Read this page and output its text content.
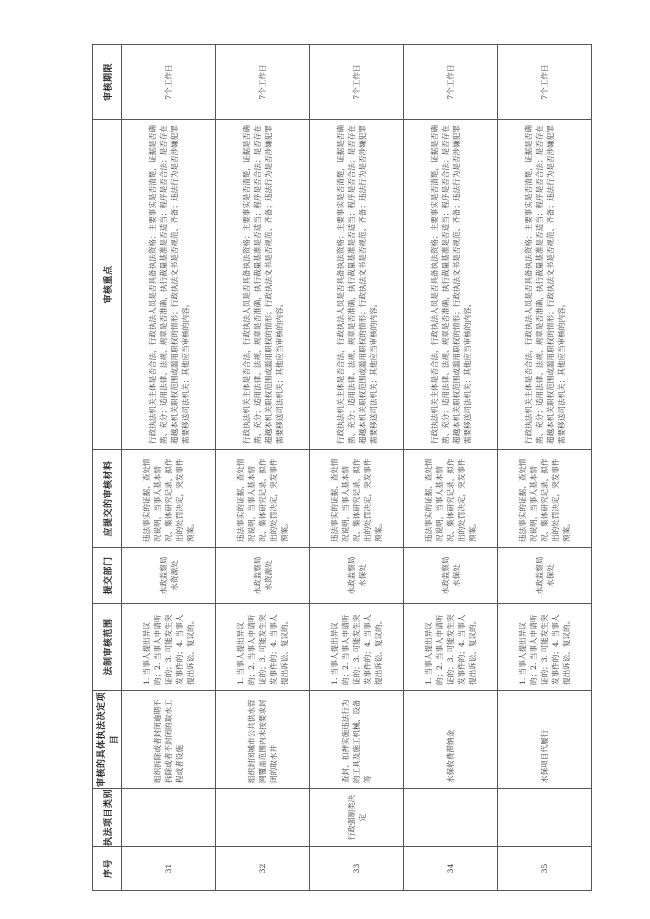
序号	执法项目类别	审核的具体执法决定项目	法制审核范围	提交部门	应提交的审核材料	审核重点	审核期限
31		组织拆除或者封闭逾期不拆除或者不封闭的取水工程或者设施	1. 当事人提出异议的；2. 当事人申请听证的；3. 可能发生突发事件的；4. 当事人提出诉讼、复议的。	水政监察局水资源处	违法事实的证据、查处情况说明，当事人基本情况、集体研究记录，拟作出的处罚决定，突发事件预案。	行政执法机关主体是否合法，行政执法人员是否具备执法资格；主要事实是否清楚，证据是否确凿、充分；适用法律、法规、规章是否准确，执行裁量基准是否适当；程序是否合法；是否存在超越本机关职权范围或滥用职权的情形；行政执法文书是否规范、齐备；违法行为是否涉嫌犯罪需要移送司法机关；其他应当审核的内容。	7个工作日
32		组织封闭城市公共供水管网覆盖范围内未按要求封闭的取水井	1. 当事人提出异议的；2. 当事人申请听证的；3. 可能发生突发事件的；4. 当事人提出诉讼、复议的。	水政监察局水资源处	违法事实的证据、查处情况说明，当事人基本情况、集体研究记录，拟作出的处罚决定，突发事件预案。	行政执法机关主体是否合法，行政执法人员是否具备执法资格；主要事实是否清楚，证据是否确凿、充分；适用法律、法规、规章是否准确，执行裁量基准是否适当；程序是否合法；是否存在超越本机关职权范围或滥用职权的情形；行政执法文书是否规范、齐备；违法行为是否涉嫌犯罪需要移送司法机关；其他应当审核的内容。	7个工作日
33	行政强制类决定	查封、扣押实施违法行为的工具及施工机械、设备等	1. 当事人提出异议的；2. 当事人申请听证的；3. 可能发生突发事件的；4. 当事人提出诉讼、复议的。	水政监察局水保处	违法事实的证据、查处情况说明，当事人基本情况、集体研究记录，拟作出的处罚决定，突发事件预案。	行政执法机关主体是否合法，行政执法人员是否具备执法资格；主要事实是否清楚，证据是否确凿、充分；适用法律、法规、规章是否准确，执行裁量基准是否适当；程序是否合法；是否存在超越本机关职权范围或滥用职权的情形；行政执法文书是否规范、齐备；违法行为是否涉嫌犯罪需要移送司法机关；其他应当审核的内容。	7个工作日
34		水保收费滞纳金	1. 当事人提出异议的；2. 当事人申请听证的；3. 可能发生突发事件的；4. 当事人提出诉讼、复议的。	水政监察局水保处	违法事实的证据、查处情况说明，当事人基本情况、集体研究记录，拟作出的处罚决定，突发事件预案。	行政执法机关主体是否合法，行政执法人员是否具备执法资格；主要事实是否清楚，证据是否确凿、充分；适用法律、法规、规章是否准确，执行裁量基准是否适当；程序是否合法；是否存在超越本机关职权范围或滥用职权的情形；行政执法文书是否规范、齐备；违法行为是否涉嫌犯罪需要移送司法机关；其他应当审核的内容。	7个工作日
35		水保项目代履行	1. 当事人提出异议的；2. 当事人申请听证的；3. 可能发生突发事件的；4. 当事人提出诉讼、复议的。	水政监察局水保处	违法事实的证据、查处情况说明，当事人基本情况、集体研究记录，拟作出的处罚决定，突发事件预案。	行政执法机关主体是否合法，行政执法人员是否具备执法资格；主要事实是否清楚，证据是否确凿、充分；适用法律、法规、规章是否准确，执行裁量基准是否适当；程序是否合法；是否存在超越本机关职权范围或滥用职权的情形；行政执法文书是否规范、齐备；违法行为是否涉嫌犯罪需要移送司法机关；其他应当审核的内容。	7个工作日
